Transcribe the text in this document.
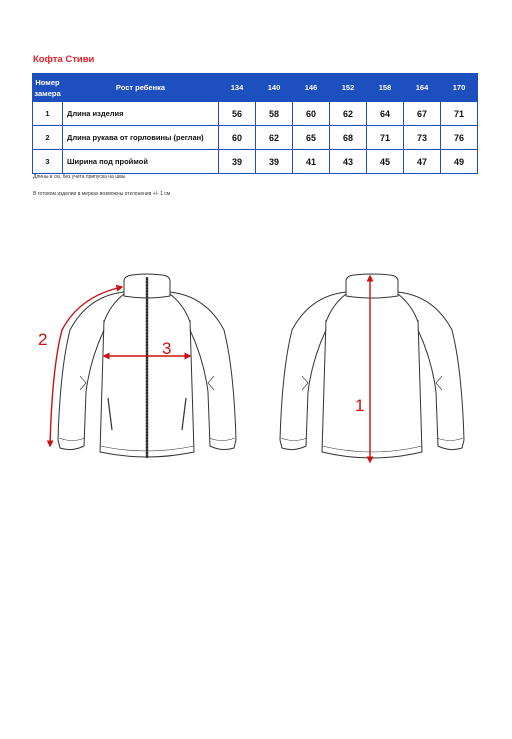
Кофта Стиви
Номер замера	Рост ребенка	134	140	146	152	158	164	170
1	Длина изделия	56	58	60	62	64	67	71
2	Длина рукава от горловины (реглан)	60	62	65	68	71	73	76
3	Ширина под проймой	39	39	41	43	45	47	49
Длины в см, без учета припуска на швы
В готовом изделии в мерках возможны отклонения +/- 1 см
2	3
1
